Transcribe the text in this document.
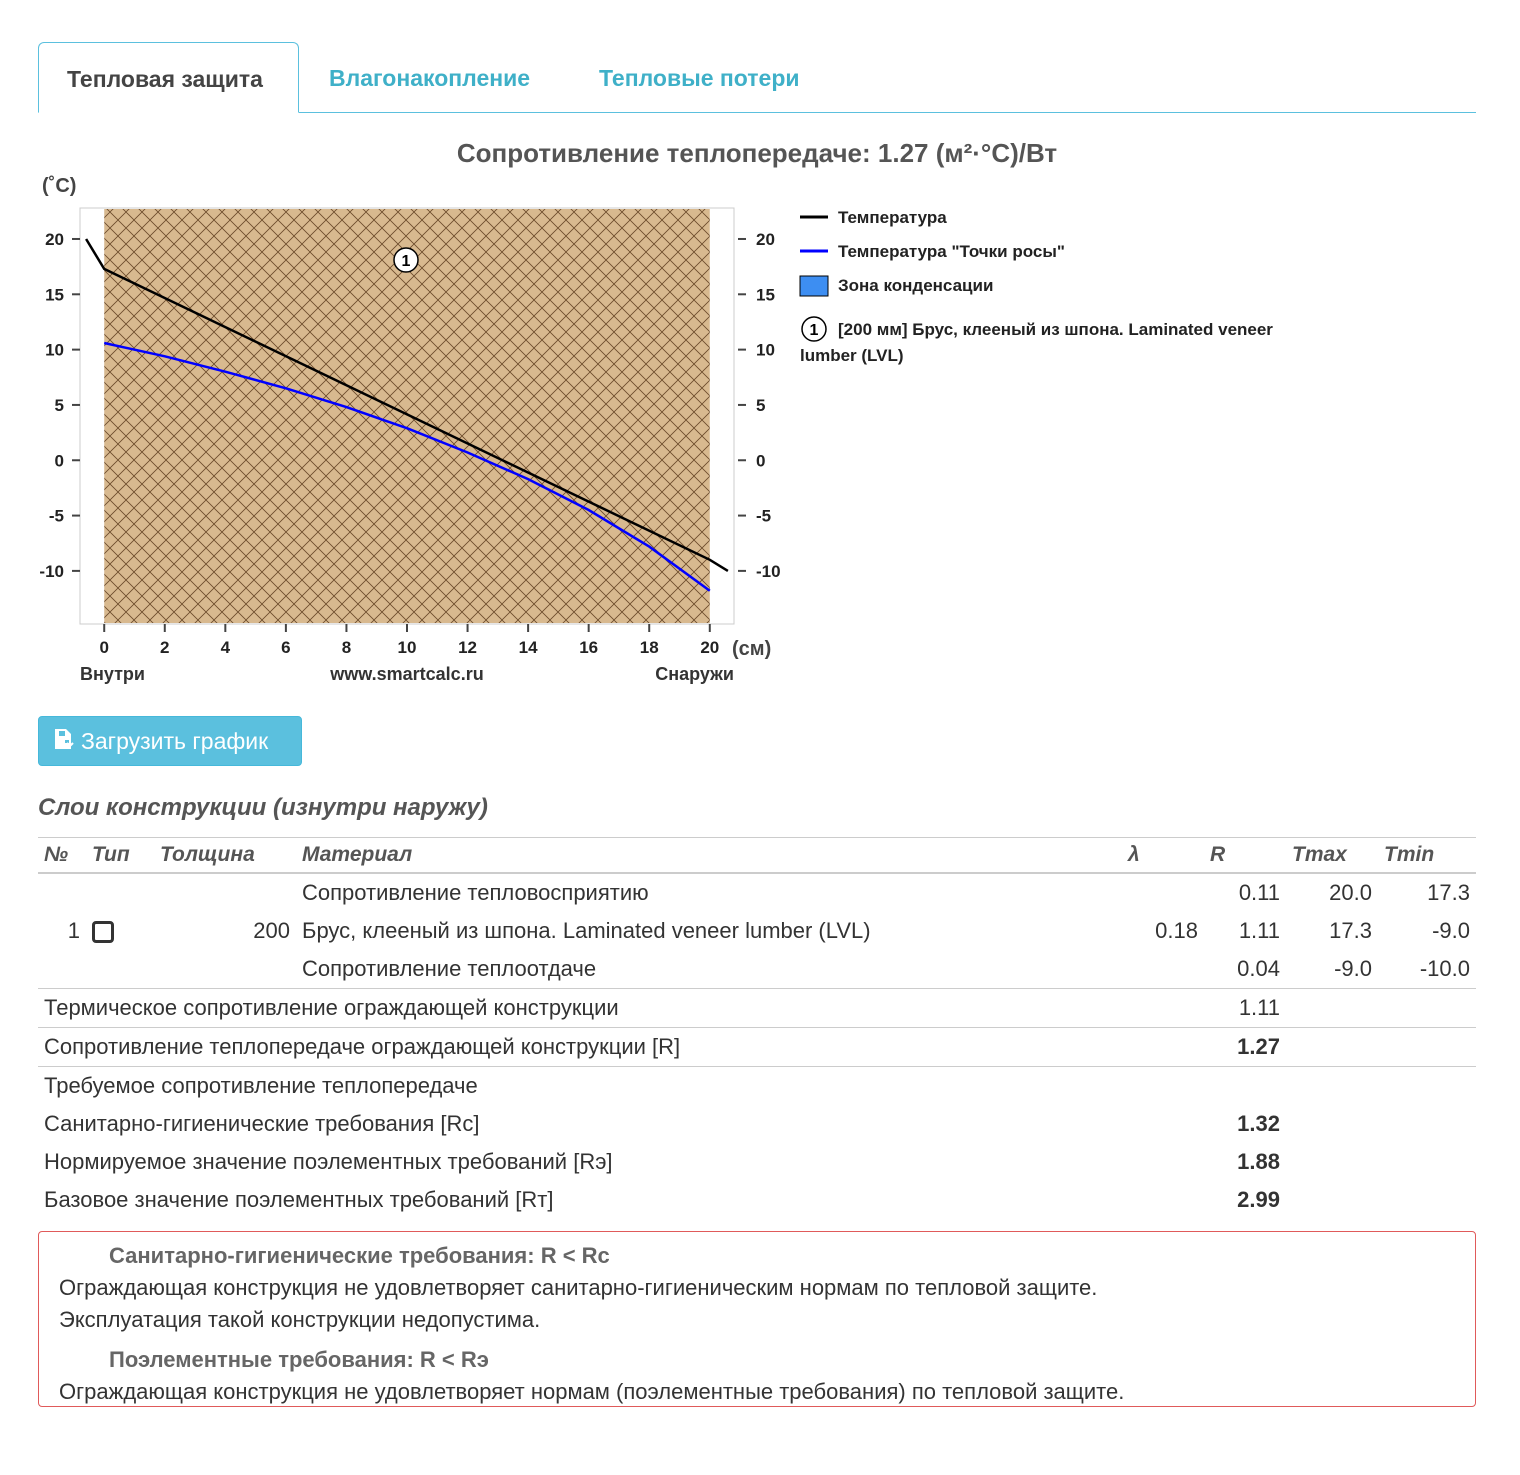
Тепловая защита	Влагонакопление	Тепловые потери
Сопротивление теплопередаче: 1.27 (м²·°С)/Вт
(˚С)
20
15
10
5
0
-5
-10
20
15
10
5
0
-5
-10
0	2	4	6	8	10 12 14 16 18 20
1
(см)
Внутри	www.smartcalc.ru	Снаружи
Температура
Температура "Точки росы"
Зона конденсации
1 [200 мм] Брус, клееный из шпона. Laminated veneer
lumber (LVL)
Загрузить график
Слои конструкции (изнутри наружу)
№	Тип	Толщина	Материал	λ	R	Tmax	Tmin
			Сопротивление тепловосприятию		0.11	20.0	17.3
1		200	Брус, клееный из шпона. Laminated veneer lumber (LVL)	0.18	1.11	17.3	-9.0
			Сопротивление теплоотдаче		0.04	-9.0	-10.0
Термическое сопротивление ограждающей конструкции					1.11		
Сопротивление теплопередаче ограждающей конструкции [R]					1.27		
Требуемое сопротивление теплопередаче							
Санитарно-гигиенические требования [Rc]					1.32		
Нормируемое значение поэлементных требований [Rэ]					1.88		
Базовое значение поэлементных требований [Rт]					2.99		
Санитарно-гигиенические требования: R < Rc
Ограждающая конструкция не удовлетворяет санитарно-гигиеническим нормам по тепловой защите.
Эксплуатация такой конструкции недопустима.
Поэлементные требования: R < Rэ
Ограждающая конструкция не удовлетворяет нормам (поэлементные требования) по тепловой защите.
